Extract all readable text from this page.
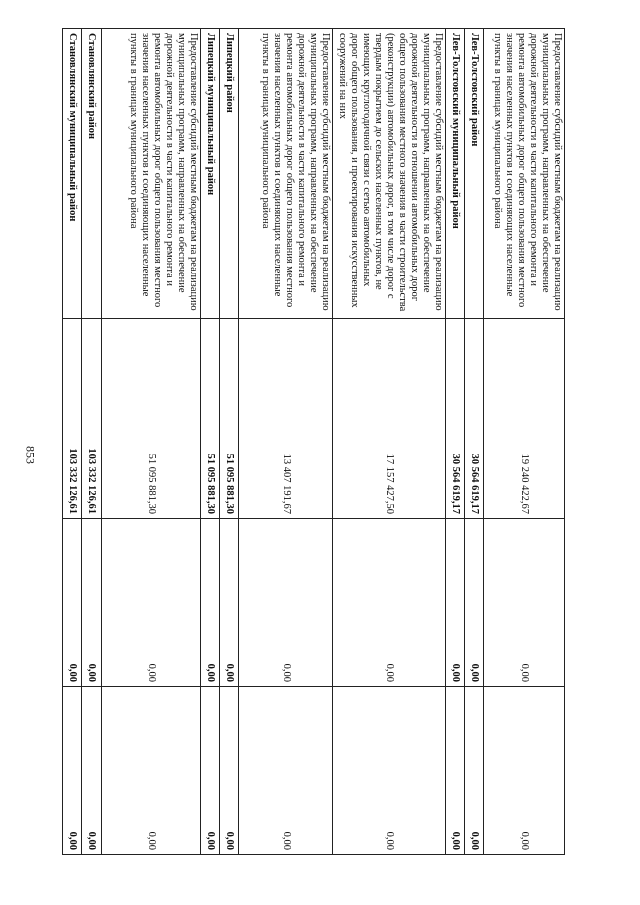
853
Предоставление субсидий местным бюджетам на реализацию муниципальных программ, направленных на обеспечение дорожной деятельности в части капитального ремонта и ремонта автомобильных дорог общего пользования местного значения населенных пунктов и соединяющих населенные пункты в границах муниципального района	19 240 422,67	0,00	0,00
Лев-Толстовский район	30 564 619,17	0,00	0,00
Лев-Толстовский муниципальный район	30 564 619,17	0,00	0,00
Предоставление субсидий местным бюджетам на реализацию муниципальных программ, направленных на обеспечение дорожной деятельности в отношении автомобильных дорог общего пользования местного значения в части строительства (реконструкции) автомобильных дорог, в том числе дорог с твердым покрытием до сельских населенных пунктов, не имеющих круглогодичной связи с сетью автомобильных дорог общего пользования, и проектирования искусственных сооружений на них	17 157 427,50	0,00	0,00
Предоставление субсидий местным бюджетам на реализацию муниципальных программ, направленных на обеспечение дорожной деятельности в части капитального ремонта и ремонта автомобильных дорог общего пользования местного значения населенных пунктов и соединяющих населенные пункты в границах муниципального района	13 407 191,67	0,00	0,00
Липецкий район	51 095 881,30	0,00	0,00
Липецкий муниципальный район	51 095 881,30	0,00	0,00
Предоставление субсидий местным бюджетам на реализацию муниципальных программ, направленных на обеспечение дорожной деятельности в части капитального ремонта и ремонта автомобильных дорог общего пользования местного значения населенных пунктов и соединяющих населенные пункты в границах муниципального района	51 095 881,30	0,00	0,00
Становлянский район	103 332 126,61	0,00	0,00
Становлянский муниципальный район	103 332 126,61	0,00	0,00
